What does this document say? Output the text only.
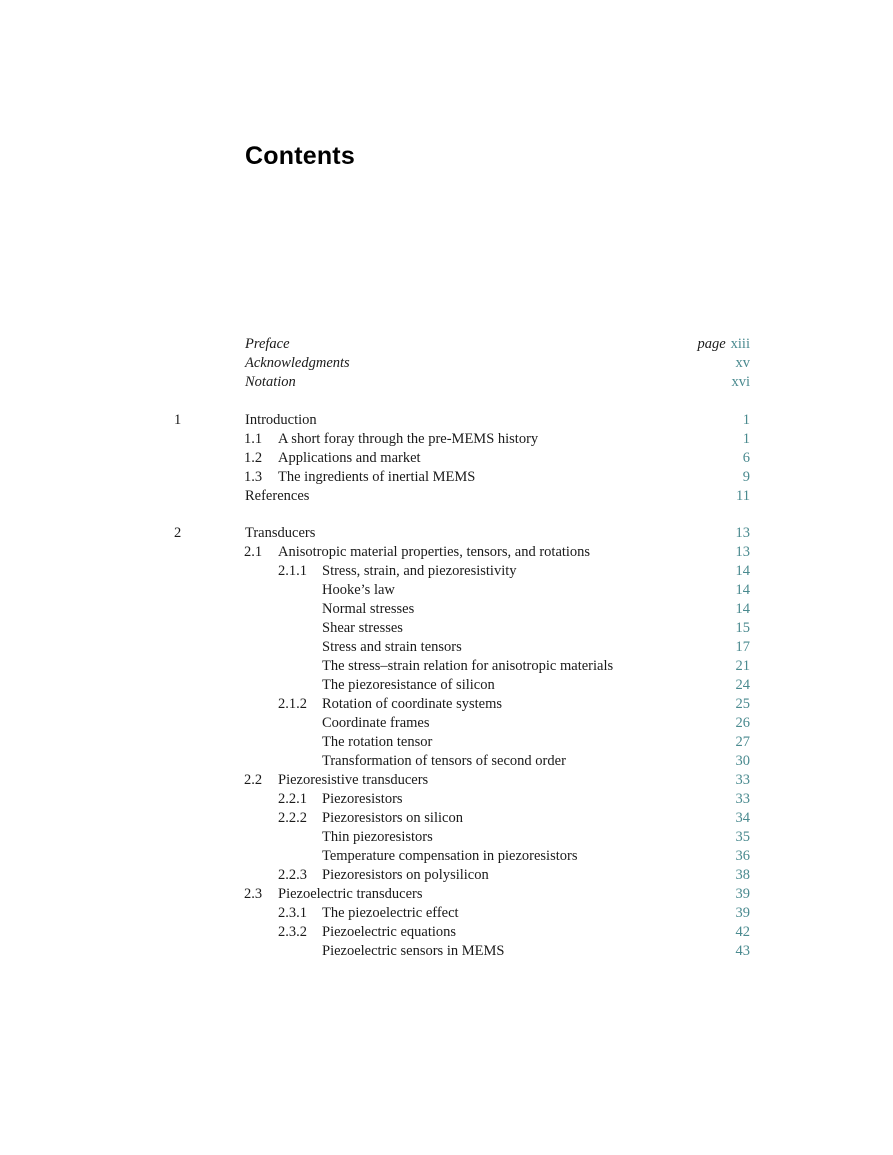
Contents
Preface	page xiii
Acknowledgments	xv
Notation	xvi
1	Introduction	1
1.1 A short foray through the pre-MEMS history	1
1.2 Applications and market	6
1.3 The ingredients of inertial MEMS	9
References	11
2	Transducers	13
2.1 Anisotropic material properties, tensors, and rotations	13
2.1.1 Stress, strain, and piezoresistivity	14
Hooke’s law	14
Normal stresses	14
Shear stresses	15
Stress and strain tensors	17
The stress–strain relation for anisotropic materials	21
The piezoresistance of silicon	24
2.1.2 Rotation of coordinate systems	25
Coordinate frames	26
The rotation tensor	27
Transformation of tensors of second order	30
2.2 Piezoresistive transducers	33
2.2.1 Piezoresistors	33
2.2.2 Piezoresistors on silicon	34
Thin piezoresistors	35
Temperature compensation in piezoresistors	36
2.2.3 Piezoresistors on polysilicon	38
2.3 Piezoelectric transducers	39
2.3.1 The piezoelectric effect	39
2.3.2 Piezoelectric equations	42
Piezoelectric sensors in MEMS	43
